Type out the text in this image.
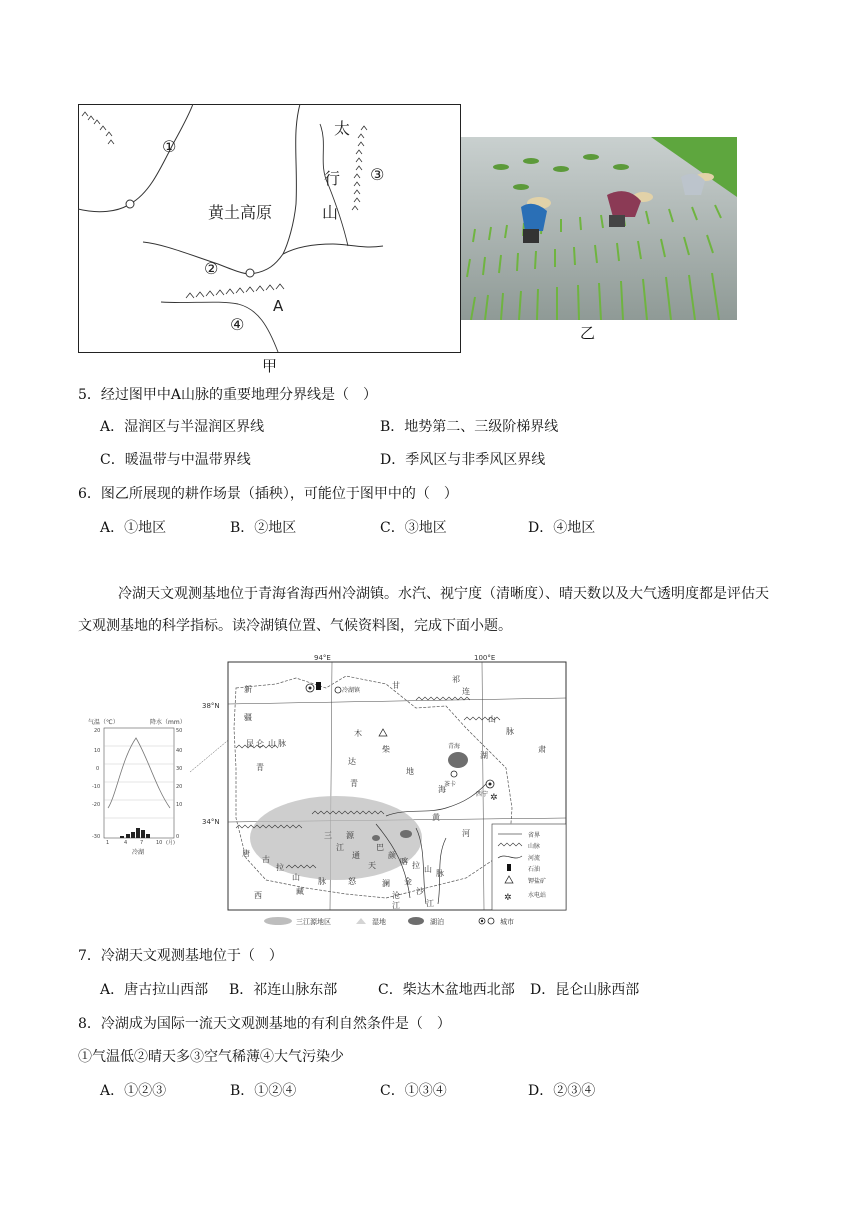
①
黄土高原
太
行
山
③
②
A
④
甲
乙
5．经过图甲中A山脉的重要地理分界线是（　）
A．湿润区与半湿润区界线	B．地势第二、三级阶梯界线
C．暖温带与中温带界线	D．季风区与非季风区界线
6．图乙所展现的耕作场景（插秧），可能位于图甲中的（　）
A．①地区	B．②地区	C．③地区	D．④地区
冷湖天文观测基地位于青海省海西州冷湖镇。水汽、视宁度（清晰度）、晴天数以及大气透明度都是评估天文观测基地的科学指标。读冷湖镇位置、气候资料图，完成下面小题。
气温（℃）	降水（mm）
20
10
0
-10
-20
-30
50
40
30
20
10
0
1	4	7	10 (月)
冷湖
94°E	100°E
38°N
34°N
✲
新
疆
甘
肃
青
海
西	藏
冷湖镇
祁
连
山
脉
昆 仑 山 脉
木
柴
达
地
湖
青海
茶卡
西宁
唐
古
拉
山 脉
黄
河
通
天
金
沙
江
澜
沧
江
怒
三
江
源
巴
颜
喀 拉 山 脉
青
✲
省界
山脉
河流
石油
钾盐矿
水电站
三江源地区	湿地	湖泊	城市
7．冷湖天文观测基地位于（　）
A．唐古拉山西部 B．祁连山脉东部	C．柴达木盆地西北部 D．昆仑山脉西部
8．冷湖成为国际一流天文观测基地的有利自然条件是（　）
①气温低②晴天多③空气稀薄④大气污染少
A．①②③	B．①②④	C．①③④	D．②③④
